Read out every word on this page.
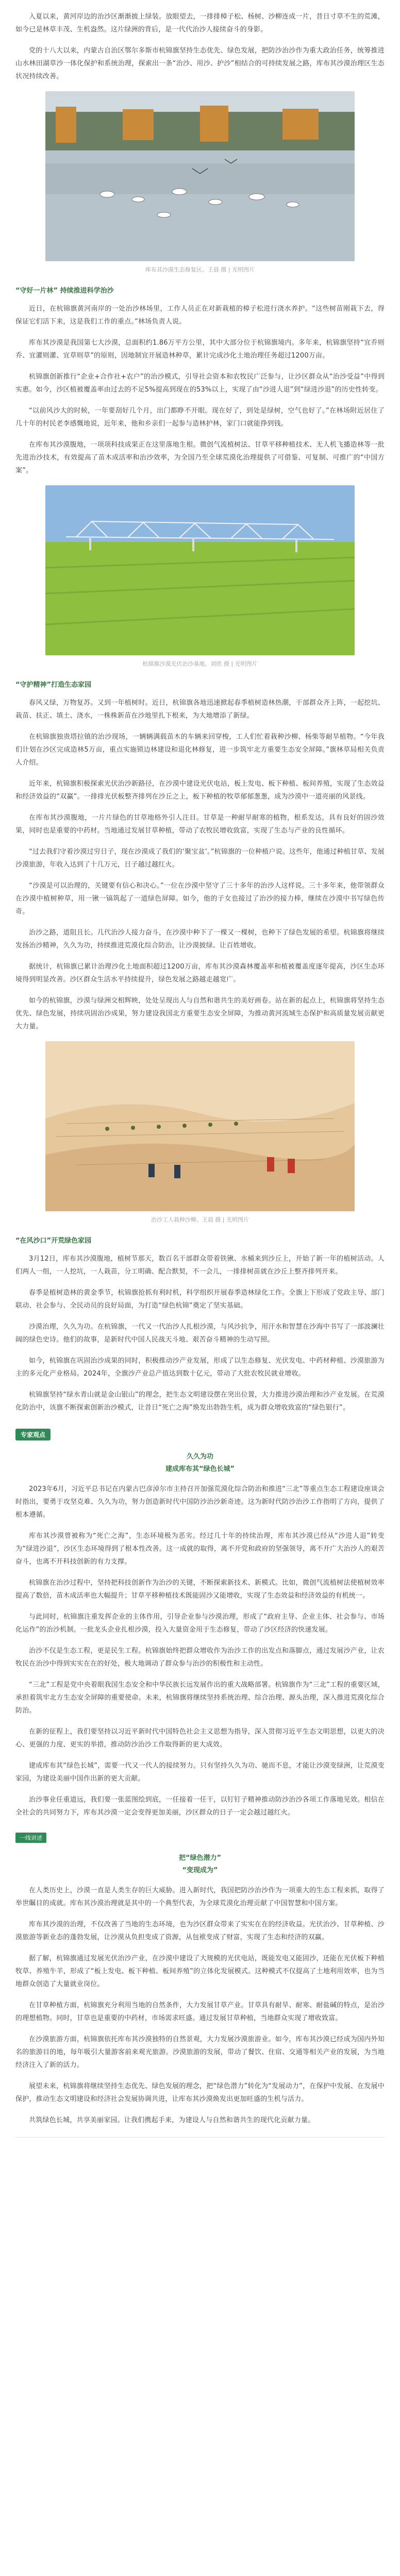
入夏以来，黄河岸边的治沙区渐渐披上绿装。放眼望去，一排排樟子松、杨树、沙柳连成一片，昔日寸草不生的荒滩，如今已是林草丰茂、生机盎然。这片绿洲的背后，是一代代治沙人接续奋斗的身影。

党的十八大以来，内蒙古自治区鄂尔多斯市杭锦旗坚持生态优先、绿色发展，把防沙治沙作为重大政治任务，统筹推进山水林田湖草沙一体化保护和系统治理，探索出一条“治沙、用沙、护沙”相结合的可持续发展之路，库布其沙漠治理区生态状况持续改善。

库布其沙漠生态修复区。王晨 摄 | 光明图片
“守好一片林” 持续推进科学治沙

近日，在杭锦旗黄河南岸的一处治沙林场里，工作人员正在对新栽植的樟子松进行浇水养护。“这些树苗刚栽下去，得保证它们活下来，这是我们工作的重点。”林场负责人说。

库布其沙漠是我国第七大沙漠，总面积约1.86万平方公里，其中大部分位于杭锦旗境内。多年来，杭锦旗坚持“宜乔则乔、宜灌则灌、宜草则草”的原则，因地制宜开展造林种草，累计完成沙化土地治理任务超过1200万亩。

杭锦旗创新推行“企业+合作社+农户”的治沙模式，引导社会资本和农牧民广泛参与，让沙区群众从“治沙受益”中得到实惠。如今，沙区植被覆盖率由过去的不足5%提高到现在的53%以上，实现了由“沙进人退”到“绿进沙退”的历史性转变。

“以前风沙大的时候，一年要刮好几个月，出门都睁不开眼。现在好了，到处是绿树，空气也好了。”在林场附近居住了几十年的村民老李感慨地说，近年来，他和乡亲们一起参与造林护林，家门口就能挣到钱。

在库布其沙漠腹地，一项项科技成果正在这里落地生根。微创气流植树法、甘草平移种植技术、无人机飞播造林等一批先进治沙技术，有效提高了苗木成活率和治沙效率，为全国乃至全球荒漠化治理提供了可借鉴、可复制、可推广的“中国方案”。

杭锦旗沙漠光伏治沙基地。刘欣 摄 | 光明图片
“守护精神”打造生态家园

春风又绿，万物复苏。又到一年植树时。近日，杭锦旗各地迅速掀起春季植树造林热潮，干部群众齐上阵，一起挖坑、栽苗、扶正、填土、浇水，一株株新苗在沙地里扎下根来，为大地增添了新绿。

在杭锦旗独贵塔拉镇的治沙现场，一辆辆满载苗木的车辆来回穿梭，工人们忙着栽种沙柳、杨柴等耐旱植物。“今年我们计划在沙区完成造林5万亩，重点实施锁边林建设和退化林修复，进一步筑牢北方重要生态安全屏障。”旗林草局相关负责人介绍。

近年来，杭锦旗积极探索光伏治沙新路径，在沙漠中建设光伏电站，板上发电、板下种植、板间养殖，实现了生态效益和经济效益的“双赢”。一排排光伏板整齐排列在沙丘之上，板下种植的牧草郁郁葱葱，成为沙漠中一道亮丽的风景线。

在库布其沙漠腹地，一片片绿色的甘草地格外引人注目。甘草是一种耐旱耐寒的植物，根系发达，具有良好的固沙效果，同时也是重要的中药材。当地通过发展甘草种植，带动了农牧民增收致富，实现了生态与产业的良性循环。

“过去我们守着沙漠过穷日子，现在沙漠成了我们的‘聚宝盆’。”杭锦旗的一位种植户说。这些年，他通过种植甘草、发展沙漠旅游，年收入达到了十几万元，日子越过越红火。

“沙漠是可以治理的，关键要有信心和决心。”一位在沙漠中坚守了三十多年的治沙人这样说。三十多年来，他带领群众在沙漠中植树种草，用一锹一镐筑起了一道绿色屏障。如今，他的子女也接过了治沙的接力棒，继续在沙漠中书写绿色传奇。

治沙之路，道阻且长。几代治沙人接力奋斗，在沙漠中种下了一棵又一棵树，也种下了绿色发展的希望。杭锦旗将继续发扬治沙精神，久久为功，持续推进荒漠化综合防治，让沙漠披绿、让百姓增收。

据统计，杭锦旗已累计治理沙化土地面积超过1200万亩，库布其沙漠森林覆盖率和植被覆盖度逐年提高，沙区生态环境得到明显改善。沙区群众生活水平持续提升，绿色发展之路越走越宽广。

如今的杭锦旗，沙漠与绿洲交相辉映，处处呈现出人与自然和谐共生的美好画卷。站在新的起点上，杭锦旗将坚持生态优先、绿色发展，持续巩固治沙成果，努力建设我国北方重要生态安全屏障，为推动黄河流域生态保护和高质量发展贡献更大力量。

治沙工人栽种沙柳。王晨 摄 | 光明图片
“在风沙口”开荒绿色家园

3月12日，库布其沙漠腹地，植树节那天，数百名干部群众带着铁锹、水桶来到沙丘上，开始了新一年的植树活动。人们两人一组，一人挖坑，一人栽苗，分工明确、配合默契，不一会儿，一排排树苗就在沙丘上整齐排列开来。

春季是植树造林的黄金季节，杭锦旗抢抓有利时机，科学组织开展春季造林绿化工作。全旗上下形成了党政主导、部门联动、社会参与、全民动员的良好局面，为打造“绿色杭锦”奠定了坚实基础。

沙漠治理，久久为功。在杭锦旗，一代又一代治沙人扎根沙漠，与风沙抗争，用汗水和智慧在沙海中书写了一部波澜壮阔的绿色史诗。他们的故事，是新时代中国人民战天斗地、艰苦奋斗精神的生动写照。

如今，杭锦旗在巩固治沙成果的同时，积极推动沙产业发展，形成了以生态修复、光伏发电、中药材种植、沙漠旅游为主的多元化产业格局。2024年，全旗沙产业总产值达到数十亿元，带动了大批农牧民就业增收。

杭锦旗坚持“绿水青山就是金山银山”的理念，把生态文明建设摆在突出位置，大力推进沙漠治理和沙产业发展。在荒漠化防治中，该旗不断探索创新治沙模式，让昔日“死亡之海”焕发出勃勃生机，成为群众增收致富的“绿色银行”。

专家观点
久久为功
建成库布其“绿色长城”

2023年6月，习近平总书记在内蒙古巴彦淖尔市主持召开加强荒漠化综合防治和推进“三北”等重点生态工程建设座谈会时指出，要勇于攻坚克难、久久为功，努力创造新时代中国防沙治沙新奇迹。这为新时代防沙治沙工作指明了方向，提供了根本遵循。

库布其沙漠曾被称为“死亡之海”，生态环境极为恶劣。经过几十年的持续治理，库布其沙漠已经从“沙进人退”转变为“绿进沙退”，沙区生态环境得到了根本性改善。这一成就的取得，离不开党和政府的坚强领导，离不开广大治沙人的艰苦奋斗，也离不开科技创新的有力支撑。

杭锦旗在治沙过程中，坚持把科技创新作为治沙的关键，不断探索新技术、新模式。比如，微创气流植树法使植树效率提高了数倍，苗木成活率也大幅提升；甘草平移种植技术既能固沙又能增收，实现了生态效益和经济效益的有机统一。

与此同时，杭锦旗注重发挥企业的主体作用，引导企业参与沙漠治理，形成了“政府主导、企业主体、社会参与、市场化运作”的治沙机制。一批龙头企业扎根沙漠，投入大量资金用于生态修复，带动了沙区经济的快速发展。

治沙不仅是生态工程，更是民生工程。杭锦旗始终把群众增收作为治沙工作的出发点和落脚点，通过发展沙产业，让农牧民在治沙中得到实实在在的好处，极大地调动了群众参与治沙的积极性和主动性。

“三北”工程是党中央着眼我国生态安全和中华民族长远发展作出的重大战略部署。杭锦旗作为“三北”工程的重要区域，承担着筑牢北方生态安全屏障的重要使命。未来，杭锦旗将继续坚持系统治理、综合治理、源头治理，深入推进荒漠化综合防治。

在新的征程上，我们要坚持以习近平新时代中国特色社会主义思想为指导，深入贯彻习近平生态文明思想，以更大的决心、更强的力度、更实的举措，推动防沙治沙工作取得新的更大成效。

建成库布其“绿色长城”，需要一代又一代人的接续努力。只有坚持久久为功、驰而不息，才能让沙漠变绿洲，让荒漠变家园，为建设美丽中国作出新的更大贡献。

治沙事业任重道远，我们要一张蓝图绘到底，一任接着一任干，以钉钉子精神推动防沙治沙各项工作落地见效。相信在全社会的共同努力下，库布其沙漠一定会变得更加美丽，沙区群众的日子一定会越过越红火。

一线讲述
把“绿色潜力”
“变现成为”

在人类历史上，沙漠一直是人类生存的巨大威胁。进入新时代，我国把防沙治沙作为一项重大的生态工程来抓，取得了举世瞩目的成就。库布其沙漠治理就是其中的一个典型代表，为全球荒漠化治理贡献了中国智慧和中国方案。

库布其沙漠的治理，不仅改善了当地的生态环境，也为沙区群众带来了实实在在的经济收益。光伏治沙、甘草种植、沙漠旅游等新业态的蓬勃发展，让沙漠从负担变成了资源，从包袱变成了财富，实现了生态和经济的双赢。

据了解，杭锦旗通过发展光伏治沙产业，在沙漠中建设了大规模的光伏电站，既能发电又能固沙，还能在光伏板下种植牧草、养殖牛羊，形成了“板上发电、板下种植、板间养殖”的立体化发展模式。这种模式不仅提高了土地利用效率，也为当地群众创造了大量就业岗位。

在甘草种植方面，杭锦旗充分利用当地的自然条件，大力发展甘草产业。甘草具有耐旱、耐寒、耐盐碱的特点，是治沙的理想植物。同时，甘草也是重要的中药材，市场需求旺盛。通过发展甘草种植，当地群众实现了增收致富。

在沙漠旅游方面，杭锦旗依托库布其沙漠独特的自然景观，大力发展沙漠旅游业。如今，库布其沙漠已经成为国内外知名的旅游目的地，每年吸引大量游客前来观光旅游。沙漠旅游的发展，带动了餐饮、住宿、交通等相关产业的发展，为当地经济注入了新的活力。

展望未来，杭锦旗将继续坚持生态优先、绿色发展的理念，把“绿色潜力”转化为“发展动力”，在保护中发展、在发展中保护，推动生态文明建设和经济社会发展协调共进，让库布其沙漠焕发出更加旺盛的生机与活力。

共筑绿色长城，共享美丽家园。让我们携起手来，为建设人与自然和谐共生的现代化贡献力量。
